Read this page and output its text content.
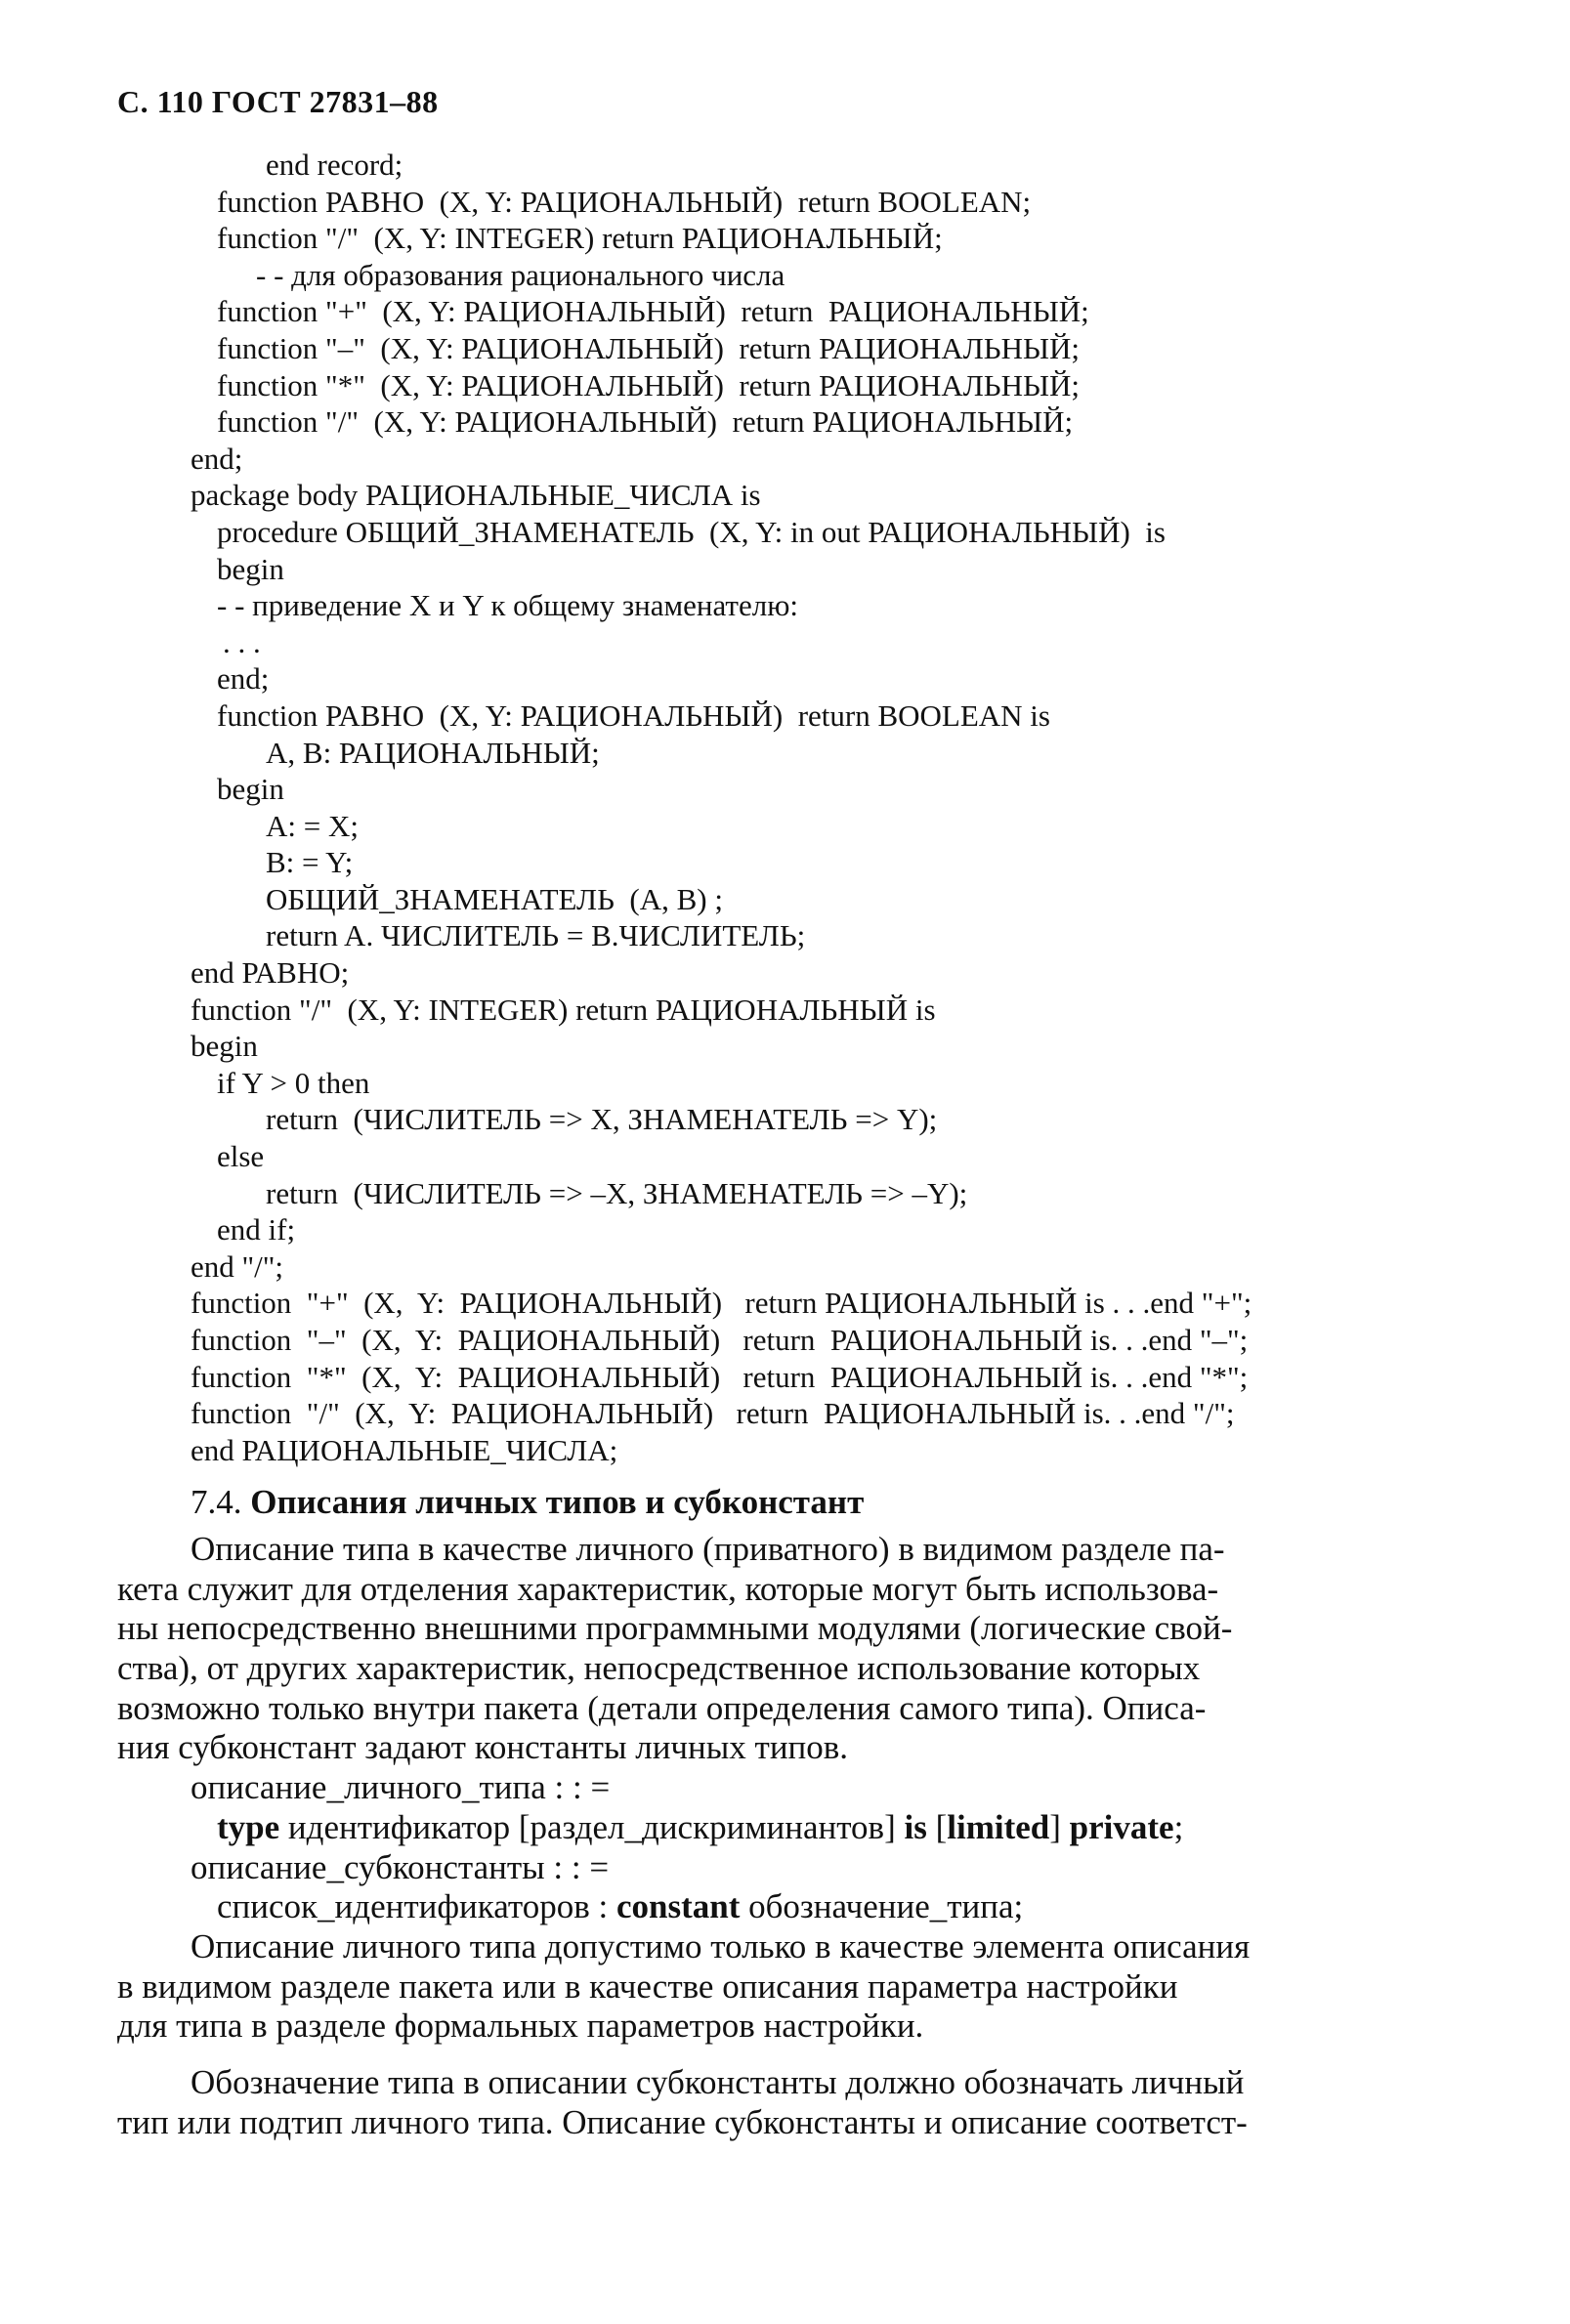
С. 110 ГОСТ 27831–88
end record;
function РАВНО  (X, Y: РАЦИОНАЛЬНЫЙ)  return BOOLEAN;
function "/"  (X, Y: INTEGER) return РАЦИОНАЛЬНЫЙ;
- - для образования рационального числа
function "+"  (X, Y: РАЦИОНАЛЬНЫЙ)  return  РАЦИОНАЛЬНЫЙ;
function "–"  (X, Y: РАЦИОНАЛЬНЫЙ)  return РАЦИОНАЛЬНЫЙ;
function "*"  (X, Y: РАЦИОНАЛЬНЫЙ)  return РАЦИОНАЛЬНЫЙ;
function "/"  (X, Y: РАЦИОНАЛЬНЫЙ)  return РАЦИОНАЛЬНЫЙ;
end;
package body РАЦИОНАЛЬНЫЕ_ЧИСЛА is
procedure ОБЩИЙ_ЗНАМЕНАТЕЛЬ  (X, Y: in out РАЦИОНАЛЬНЫЙ)  is
begin
- - приведение X и Y к общему знаменателю:
. . .
end;
function РАВНО  (X, Y: РАЦИОНАЛЬНЫЙ)  return BOOLEAN is
A, B: РАЦИОНАЛЬНЫЙ;
begin
A: = X;
B: = Y;
ОБЩИЙ_ЗНАМЕНАТЕЛЬ  (A, B) ;
return A. ЧИСЛИТЕЛЬ = B.ЧИСЛИТЕЛЬ;
end РАВНО;
function "/"  (X, Y: INTEGER) return РАЦИОНАЛЬНЫЙ is
begin
if Y > 0 then
return  (ЧИСЛИТЕЛЬ => X, ЗНАМЕНАТЕЛЬ => Y);
else
return  (ЧИСЛИТЕЛЬ => –X, ЗНАМЕНАТЕЛЬ => –Y);
end if;
end "/";
function  "+"  (X,  Y:  РАЦИОНАЛЬНЫЙ)   return РАЦИОНАЛЬНЫЙ is . . .end "+";
function  "–"  (X,  Y:  РАЦИОНАЛЬНЫЙ)   return  РАЦИОНАЛЬНЫЙ is. . .end "–";
function  "*"  (X,  Y:  РАЦИОНАЛЬНЫЙ)   return  РАЦИОНАЛЬНЫЙ is. . .end "*";
function  "/"  (X,  Y:  РАЦИОНАЛЬНЫЙ)   return  РАЦИОНАЛЬНЫЙ is. . .end "/";
end РАЦИОНАЛЬНЫЕ_ЧИСЛА;
7.4. Описания личных типов и субконстант
Описание типа в качестве личного (приватного) в видимом разделе па-
кета служит для отделения характеристик, которые могут быть использова-
ны непосредственно внешними программными модулями (логические свой-
ства), от других характеристик, непосредственное использование которых
возможно только внутри пакета (детали определения самого типа). Описа-
ния субконстант задают константы личных типов.
описание_личного_типа : : =
type идентификатор [раздел_дискриминантов] is [limited] private;
описание_субконстанты : : =
список_идентификаторов : constant обозначение_типа;
Описание личного типа допустимо только в качестве элемента описания
в видимом разделе пакета или в качестве описания параметра настройки
для типа в разделе формальных параметров настройки.
Обозначение типа в описании субконстанты должно обозначать личный
тип или подтип личного типа. Описание субконстанты и описание соответст-
